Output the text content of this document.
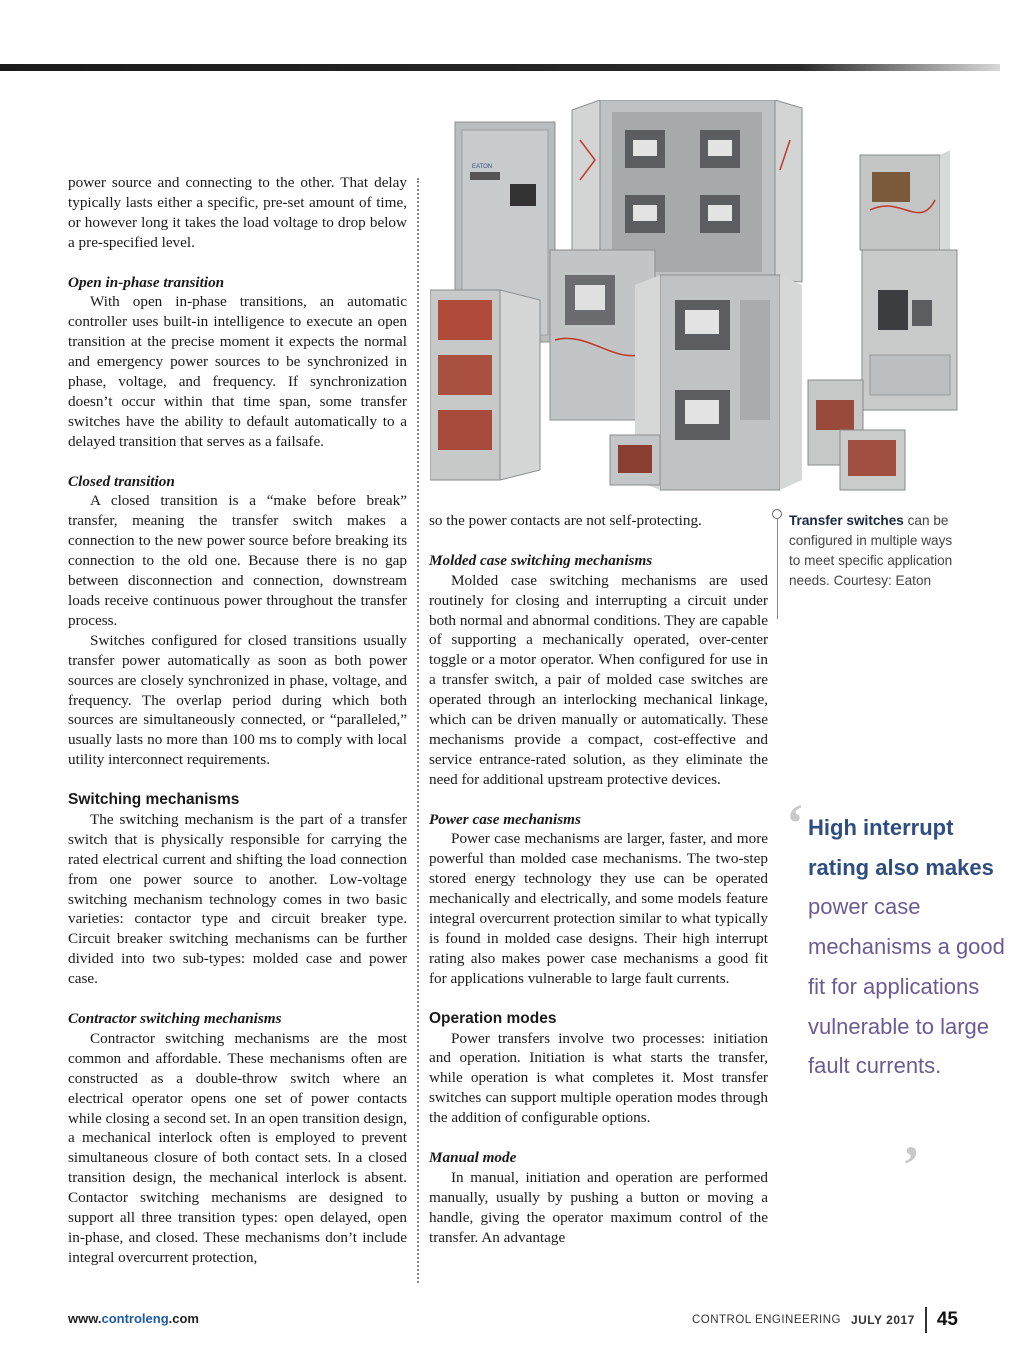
power source and connecting to the other. That delay typically lasts either a specific, pre-set amount of time, or however long it takes the load voltage to drop below a pre-specified level.

Open in-phase transition

With open in-phase transitions, an automatic controller uses built-in intelligence to execute an open transition at the precise moment it expects the normal and emergency power sources to be synchronized in phase, voltage, and frequency. If synchronization doesn’t occur within that time span, some transfer switches have the ability to default automatically to a delayed transition that serves as a failsafe.

Closed transition

A closed transition is a “make before break” transfer, meaning the transfer switch makes a connection to the new power source before breaking its connection to the old one. Because there is no gap between disconnection and connection, downstream loads receive continuous power throughout the transfer process.

Switches configured for closed transitions usually transfer power automatically as soon as both power sources are closely synchronized in phase, voltage, and frequency. The overlap period during which both sources are simultaneously connected, or “paralleled,” usually lasts no more than 100 ms to comply with local utility interconnect requirements.

Switching mechanisms

The switching mechanism is the part of a transfer switch that is physically responsible for carrying the rated electrical current and shifting the load connection from one power source to another. Low-voltage switching mechanism technology comes in two basic varieties: contactor type and circuit breaker type. Circuit breaker switching mechanisms can be further divided into two sub-types: molded case and power case.

Contractor switching mechanisms

Contractor switching mechanisms are the most common and affordable. These mechanisms often are constructed as a double-throw switch where an electrical operator opens one set of power contacts while closing a second set. In an open transition design, a mechanical interlock often is employed to prevent simultaneous closure of both contact sets. In a closed transition design, the mechanical interlock is absent. Contactor switching mechanisms are designed to support all three transition types: open delayed, open in-phase, and closed. These mechanisms don’t include integral overcurrent protection,

EATON
Transfer switches can be configured in multiple ways to meet specific application needs. Courtesy: Eaton

so the power contacts are not self-protecting.

Molded case switching mechanisms

Molded case switching mechanisms are used routinely for closing and interrupting a circuit under both normal and abnormal conditions. They are capable of supporting a mechanically operated, over-center toggle or a motor operator. When configured for use in a transfer switch, a pair of molded case switches are operated through an interlocking mechanical linkage, which can be driven manually or automatically. These mechanisms provide a compact, cost-effective and service entrance-rated solution, as they eliminate the need for additional upstream protective devices.

Power case mechanisms

Power case mechanisms are larger, faster, and more powerful than molded case mechanisms. The two-step stored energy technology they use can be operated mechanically and electrically, and some models feature integral overcurrent protection similar to what typically is found in molded case designs. Their high interrupt rating also makes power case mechanisms a good fit for applications vulnerable to large fault currents.

Operation modes

Power transfers involve two processes: initiation and operation. Initiation is what starts the transfer, while operation is what completes it. Most transfer switches can support multiple operation modes through the addition of configurable options.

Manual mode

In manual, initiation and operation are performed manually, usually by pushing a button or moving a handle, giving the operator maximum control of the transfer. An advantage

‘ High interrupt rating also makes power case mechanisms a good fit for applications vulnerable to large fault currents.
’
www.controleng.com	CONTROL ENGINEERING JULY 2017 45
